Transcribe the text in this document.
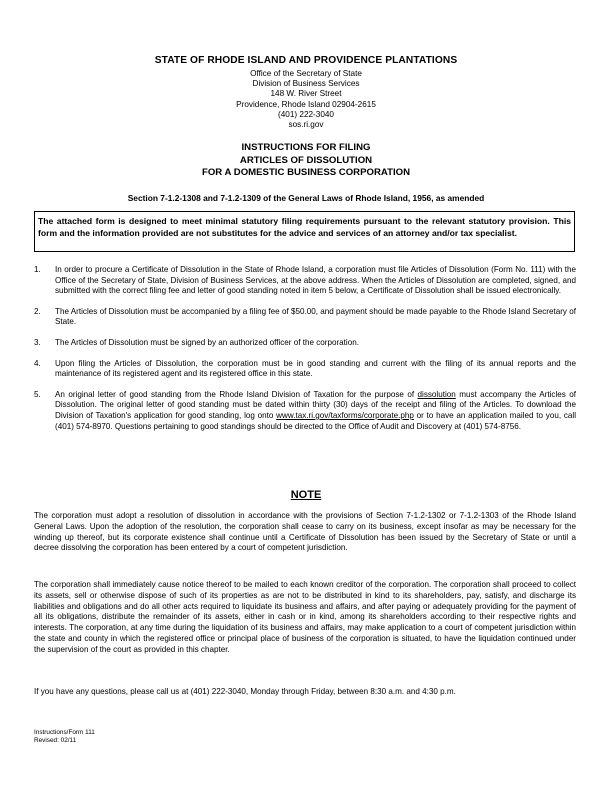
STATE OF RHODE ISLAND AND PROVIDENCE PLANTATIONS
Office of the Secretary of State
Division of Business Services
148 W. River Street
Providence, Rhode Island 02904-2615
(401) 222-3040
sos.ri.gov
INSTRUCTIONS FOR FILING
ARTICLES OF DISSOLUTION
FOR A DOMESTIC BUSINESS CORPORATION
Section 7-1.2-1308 and 7-1.2-1309 of the General Laws of Rhode Island, 1956, as amended
The attached form is designed to meet minimal statutory filing requirements pursuant to the relevant statutory provision. This form and the information provided are not substitutes for the advice and services of an attorney and/or tax specialist.
1. In order to procure a Certificate of Dissolution in the State of Rhode Island, a corporation must file Articles of Dissolution (Form No. 111) with the Office of the Secretary of State, Division of Business Services, at the above address. When the Articles of Dissolution are completed, signed, and submitted with the correct filing fee and letter of good standing noted in item 5 below, a Certificate of Dissolution shall be issued electronically.
2. The Articles of Dissolution must be accompanied by a filing fee of $50.00, and payment should be made payable to the Rhode Island Secretary of State.
3. The Articles of Dissolution must be signed by an authorized officer of the corporation.
4. Upon filing the Articles of Dissolution, the corporation must be in good standing and current with the filing of its annual reports and the maintenance of its registered agent and its registered office in this state.
5. An original letter of good standing from the Rhode Island Division of Taxation for the purpose of dissolution must accompany the Articles of Dissolution. The original letter of good standing must be dated within thirty (30) days of the receipt and filing of the Articles. To download the Division of Taxation's application for good standing, log onto www.tax.ri.gov/taxforms/corporate.php or to have an application mailed to you, call (401) 574-8970. Questions pertaining to good standings should be directed to the Office of Audit and Discovery at (401) 574-8756.
NOTE

The corporation must adopt a resolution of dissolution in accordance with the provisions of Section 7-1.2-1302 or 7-1.2-1303 of the Rhode Island General Laws. Upon the adoption of the resolution, the corporation shall cease to carry on its business, except insofar as may be necessary for the winding up thereof, but its corporate existence shall continue until a Certificate of Dissolution has been issued by the Secretary of State or until a decree dissolving the corporation has been entered by a court of competent jurisdiction.

The corporation shall immediately cause notice thereof to be mailed to each known creditor of the corporation. The corporation shall proceed to collect its assets, sell or otherwise dispose of such of its properties as are not to be distributed in kind to its shareholders, pay, satisfy, and discharge its liabilities and obligations and do all other acts required to liquidate its business and affairs, and after paying or adequately providing for the payment of all its obligations, distribute the remainder of its assets, either in cash or in kind, among its shareholders according to their respective rights and interests. The corporation, at any time during the liquidation of its business and affairs, may make application to a court of competent jurisdiction within the state and county in which the registered office or principal place of business of the corporation is situated, to have the liquidation continued under the supervision of the court as provided in this chapter.

If you have any questions, please call us at (401) 222-3040, Monday through Friday, between 8:30 a.m. and 4:30 p.m.

Instructions/Form 111
Revised: 02/11
